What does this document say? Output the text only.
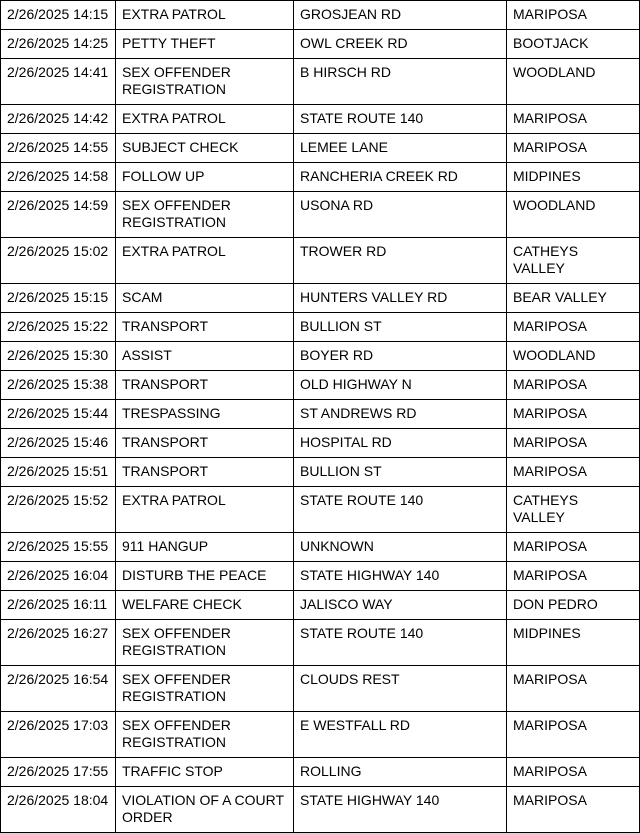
2/26/2025 14:15	EXTRA PATROL	GROSJEAN RD	MARIPOSA
2/26/2025 14:25	PETTY THEFT	OWL CREEK RD	BOOTJACK
2/26/2025 14:41	SEX OFFENDER REGISTRATION	B HIRSCH RD	WOODLAND
2/26/2025 14:42	EXTRA PATROL	STATE ROUTE 140	MARIPOSA
2/26/2025 14:55	SUBJECT CHECK	LEMEE LANE	MARIPOSA
2/26/2025 14:58	FOLLOW UP	RANCHERIA CREEK RD	MIDPINES
2/26/2025 14:59	SEX OFFENDER REGISTRATION	USONA RD	WOODLAND
2/26/2025 15:02	EXTRA PATROL	TROWER RD	CATHEYS VALLEY
2/26/2025 15:15	SCAM	HUNTERS VALLEY RD	BEAR VALLEY
2/26/2025 15:22	TRANSPORT	BULLION ST	MARIPOSA
2/26/2025 15:30	ASSIST	BOYER RD	WOODLAND
2/26/2025 15:38	TRANSPORT	OLD HIGHWAY N	MARIPOSA
2/26/2025 15:44	TRESPASSING	ST ANDREWS RD	MARIPOSA
2/26/2025 15:46	TRANSPORT	HOSPITAL RD	MARIPOSA
2/26/2025 15:51	TRANSPORT	BULLION ST	MARIPOSA
2/26/2025 15:52	EXTRA PATROL	STATE ROUTE 140	CATHEYS VALLEY
2/26/2025 15:55	911 HANGUP	UNKNOWN	MARIPOSA
2/26/2025 16:04	DISTURB THE PEACE	STATE HIGHWAY 140	MARIPOSA
2/26/2025 16:11	WELFARE CHECK	JALISCO WAY	DON PEDRO
2/26/2025 16:27	SEX OFFENDER REGISTRATION	STATE ROUTE 140	MIDPINES
2/26/2025 16:54	SEX OFFENDER REGISTRATION	CLOUDS REST	MARIPOSA
2/26/2025 17:03	SEX OFFENDER REGISTRATION	E WESTFALL RD	MARIPOSA
2/26/2025 17:55	TRAFFIC STOP	ROLLING	MARIPOSA
2/26/2025 18:04	VIOLATION OF A COURT ORDER	STATE HIGHWAY 140	MARIPOSA
